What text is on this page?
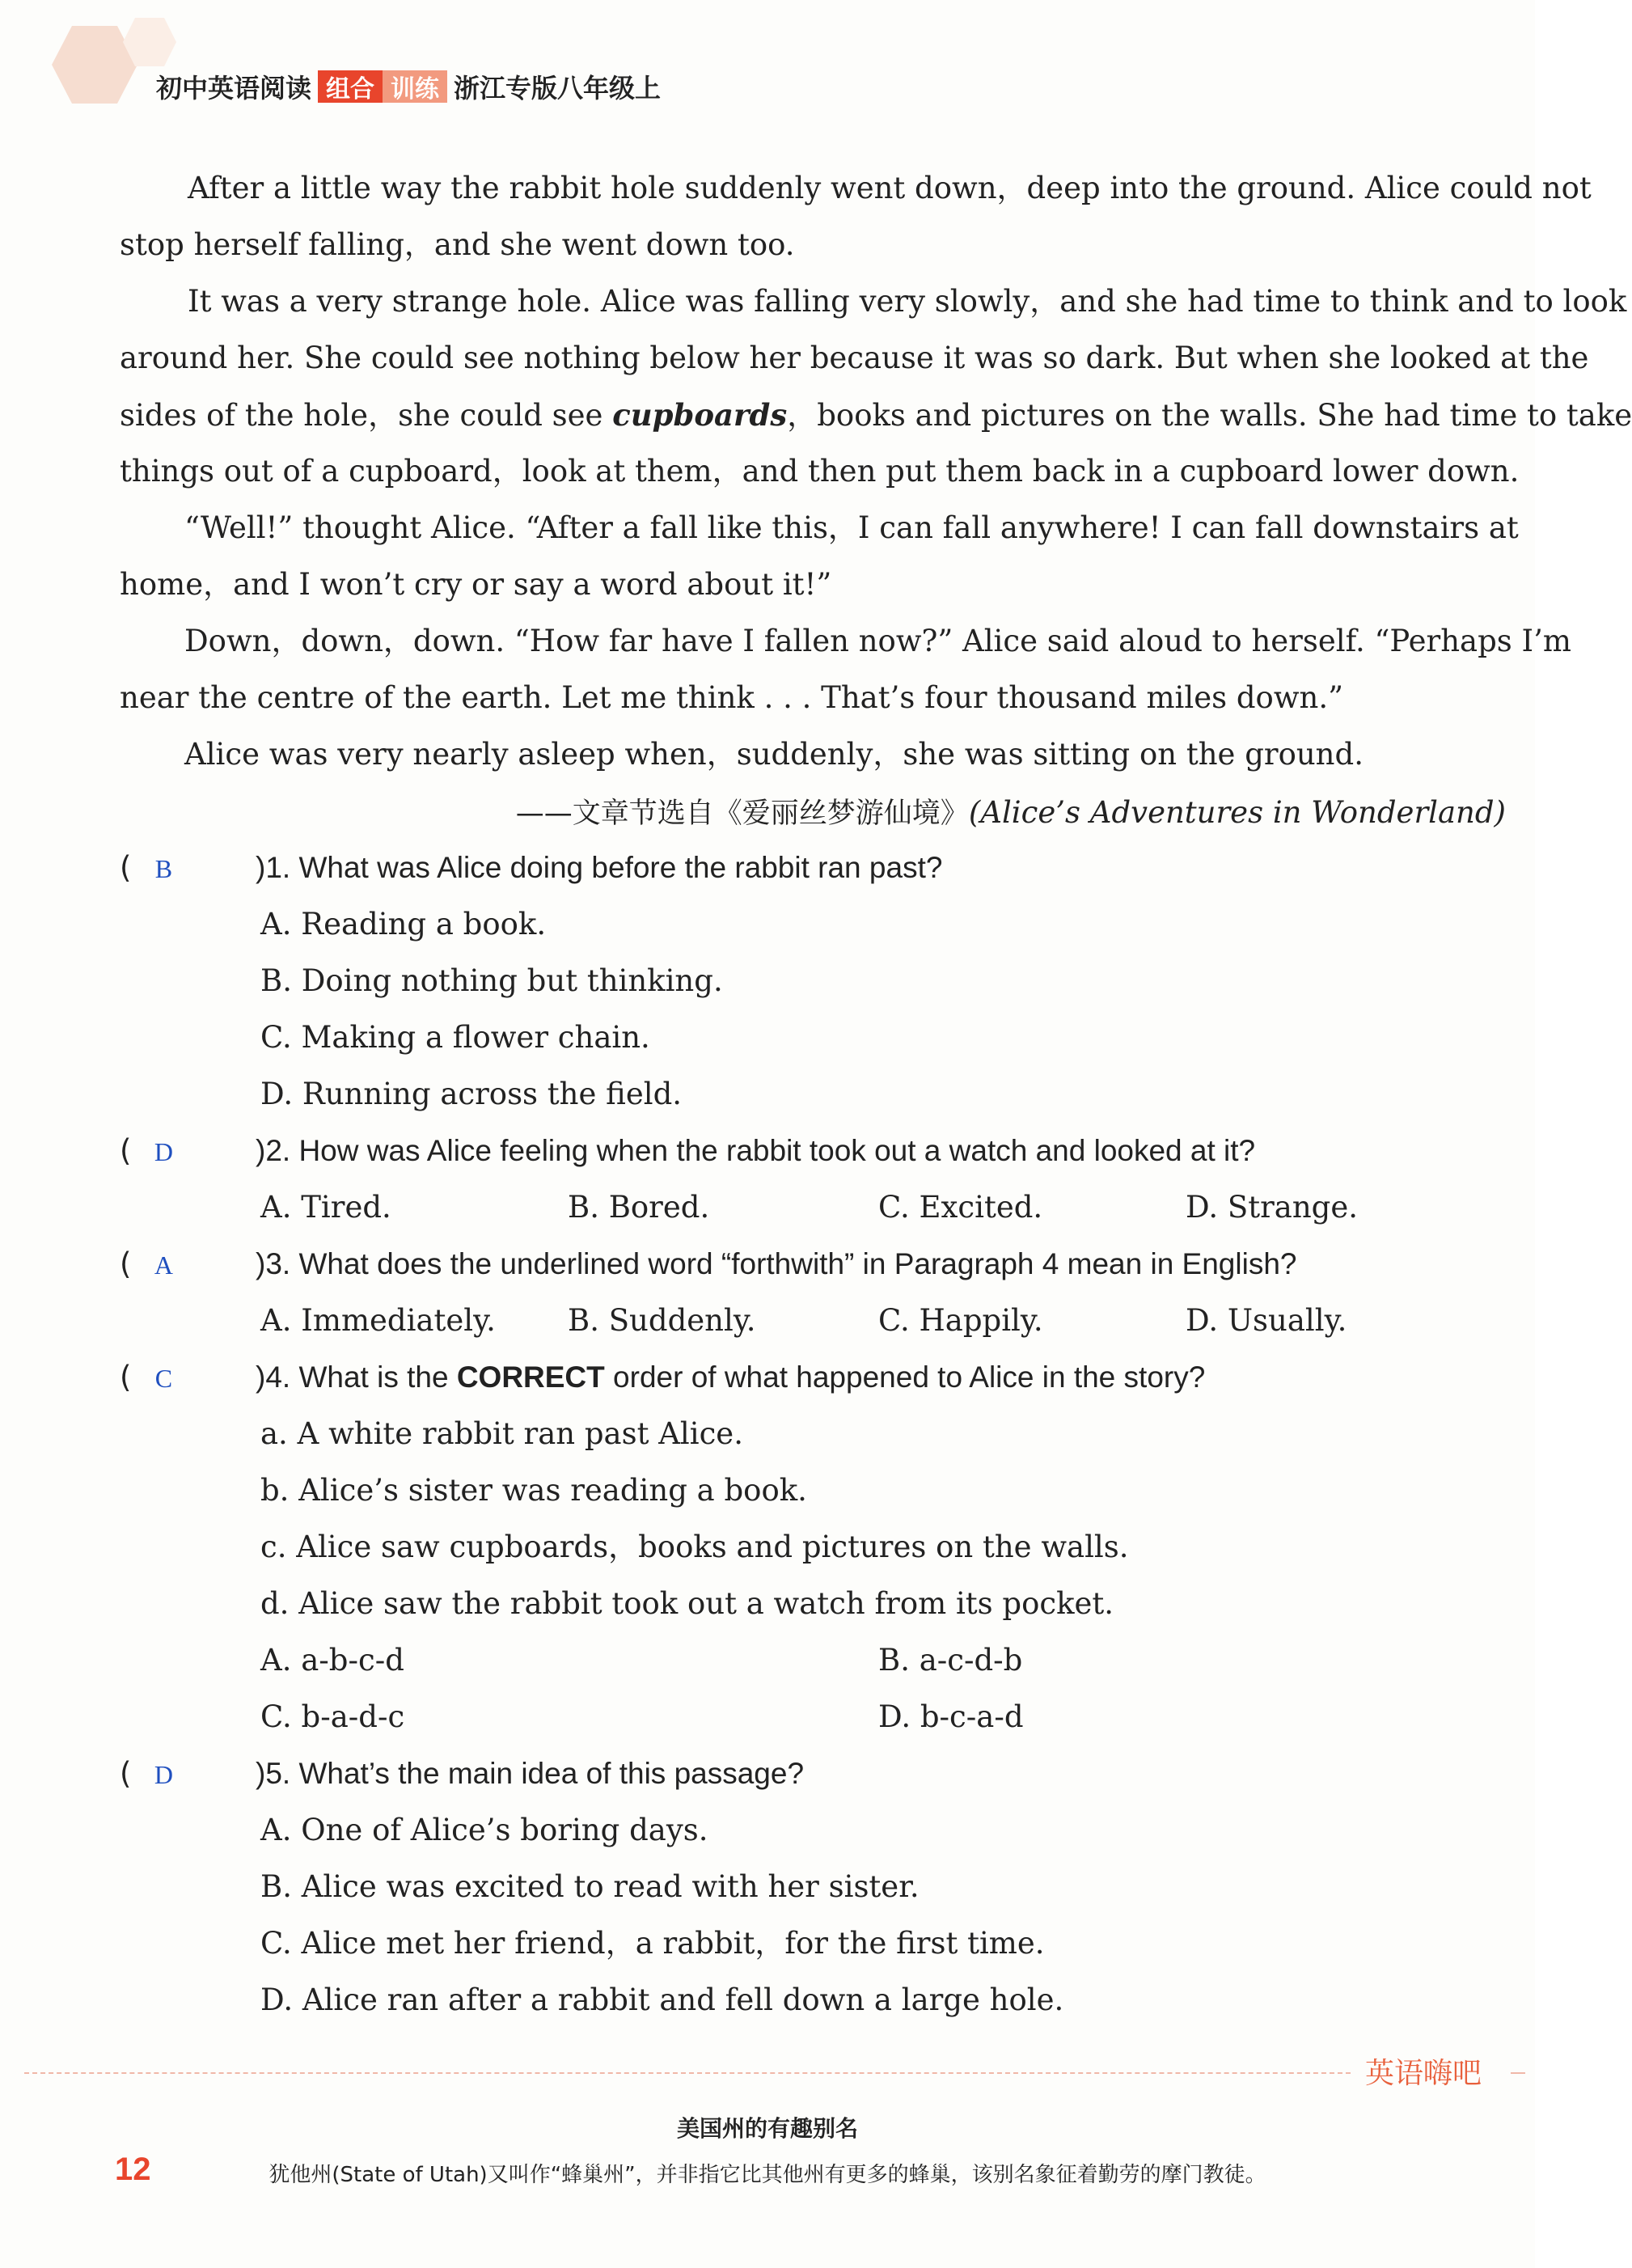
初中英语阅读 组合 训练 浙江专版八年级上
After a little way the rabbit hole suddenly went down，deep into the ground. Alice could not
stop herself falling，and she went down too.
It was a very strange hole. Alice was falling very slowly，and she had time to think and to look
around her. She could see nothing below her because it was so dark. But when she looked at the
sides of the hole，she could see cupboards，books and pictures on the walls. She had time to take
things out of a cupboard，look at them，and then put them back in a cupboard lower down.
“Well!” thought Alice. “After a fall like this，I can fall anywhere! I can fall downstairs at
home，and I won’t cry or say a word about it!”
Down，down，down. “How far have I fallen now?” Alice said aloud to herself. “Perhaps I’m
near the centre of the earth. Let me think . . . That’s four thousand miles down.”
Alice was very nearly asleep when，suddenly，she was sitting on the ground.
——文章节选自《爱丽丝梦游仙境》(Alice’s Adventures in Wonderland)
( B	)1. What was Alice doing before the rabbit ran past?
A. Reading a book.
B. Doing nothing but thinking.
C. Making a flower chain.
D. Running across the field.
( D	)2. How was Alice feeling when the rabbit took out a watch and looked at it?
A. Tired.	B. Bored.	C. Excited.	D. Strange.
( A	)3. What does the underlined word “forthwith” in Paragraph 4 mean in English?
A. Immediately. B. Suddenly.	C. Happily.	D. Usually.
( C	)4. What is the CORRECT order of what happened to Alice in the story?
a. A white rabbit ran past Alice.
b. Alice’s sister was reading a book.
c. Alice saw cupboards，books and pictures on the walls.
d. Alice saw the rabbit took out a watch from its pocket.
A. a-b-c-d	B. a-c-d-b
C. b-a-d-c	D. b-c-a-d
( D	)5. What’s the main idea of this passage?
A. One of Alice’s boring days.
B. Alice was excited to read with her sister.
C. Alice met her friend，a rabbit，for the first time.
D. Alice ran after a rabbit and fell down a large hole.
英语嗨吧
美国州的有趣别名
12	犹他州(State of Utah)又叫作“蜂巢州”，并非指它比其他州有更多的蜂巢，该别名象征着勤劳的摩门教徒。
